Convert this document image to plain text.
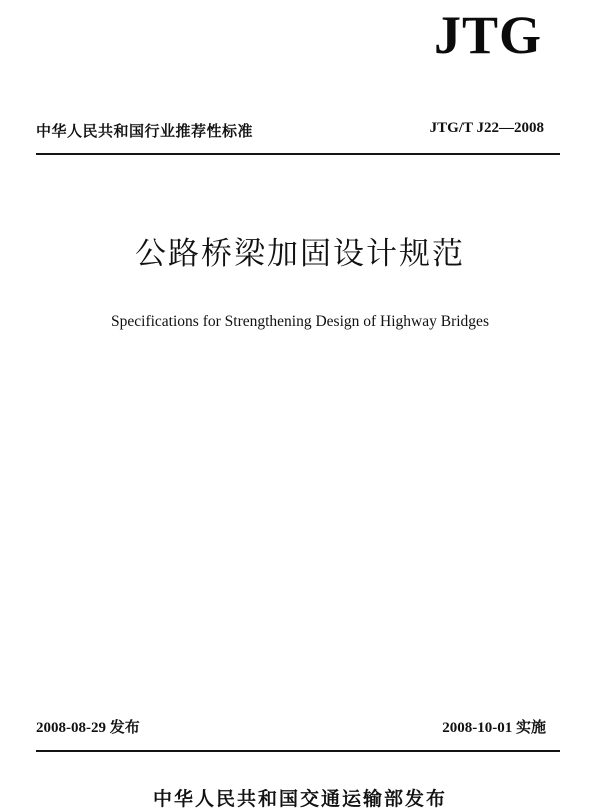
JTG
中华人民共和国行业推荐性标准	JTG/T J22—2008
公路桥梁加固设计规范
Specifications for Strengthening Design of Highway Bridges
2008-08-29 发布	2008-10-01 实施
中华人民共和国交通运输部发布
